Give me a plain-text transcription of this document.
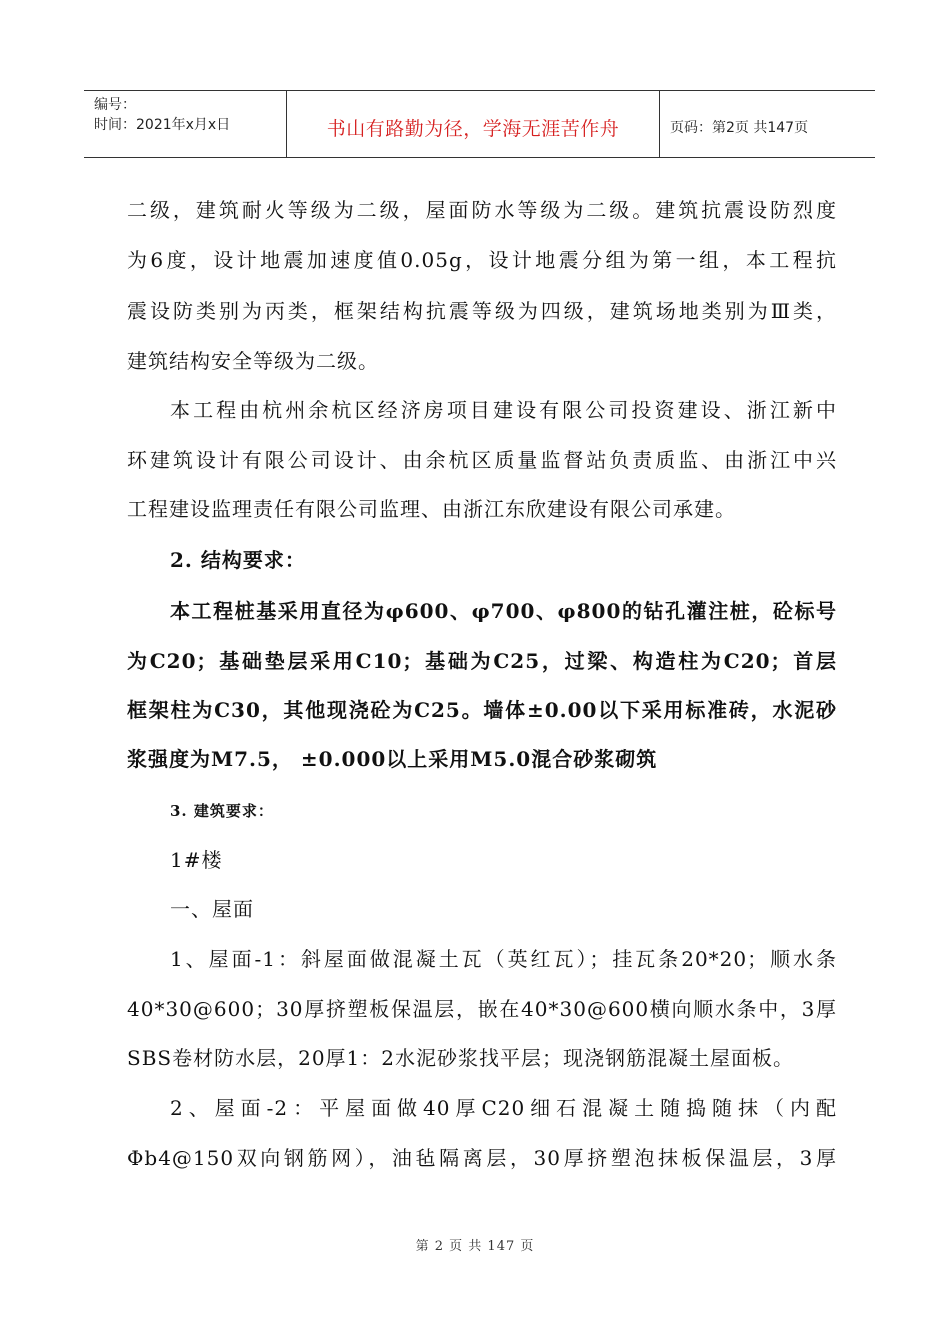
编号：
时间：2021年x月x日	书山有路勤为径，学海无涯苦作舟	页码：第2页 共147页
二级，建筑耐火等级为二级，屋面防水等级为二级。建筑抗震设防烈度
为6度，设计地震加速度值0.05g，设计地震分组为第一组，本工程抗
震设防类别为丙类，框架结构抗震等级为四级，建筑场地类别为Ⅲ类，
建筑结构安全等级为二级。
本工程由杭州余杭区经济房项目建设有限公司投资建设、浙江新中
环建筑设计有限公司设计、由余杭区质量监督站负责质监、由浙江中兴
工程建设监理责任有限公司监理、由浙江东欣建设有限公司承建。
2. 结构要求：
本工程桩基采用直径为φ600、φ700、φ800的钻孔灌注桩，砼标号
为C20；基础垫层采用C10；基础为C25，过梁、构造柱为C20；首层
框架柱为C30，其他现浇砼为C25。墙体±0.00以下采用标准砖，水泥砂
浆强度为M7.5， ±0.000以上采用M5.0混合砂浆砌筑
3. 建筑要求：
1#楼
一、屋面
1、屋面-1：斜屋面做混凝土瓦（英红瓦）；挂瓦条20*20；顺水条
40*30@600；30厚挤塑板保温层，嵌在40*30@600横向顺水条中，3厚
SBS卷材防水层，20厚1：2水泥砂浆找平层；现浇钢筋混凝土屋面板。
2、屋面-2：平屋面做40厚C20细石混凝土随捣随抹（内配
Φb4@150双向钢筋网），油毡隔离层，30厚挤塑泡抹板保温层，3厚
第 2 页 共 147 页
